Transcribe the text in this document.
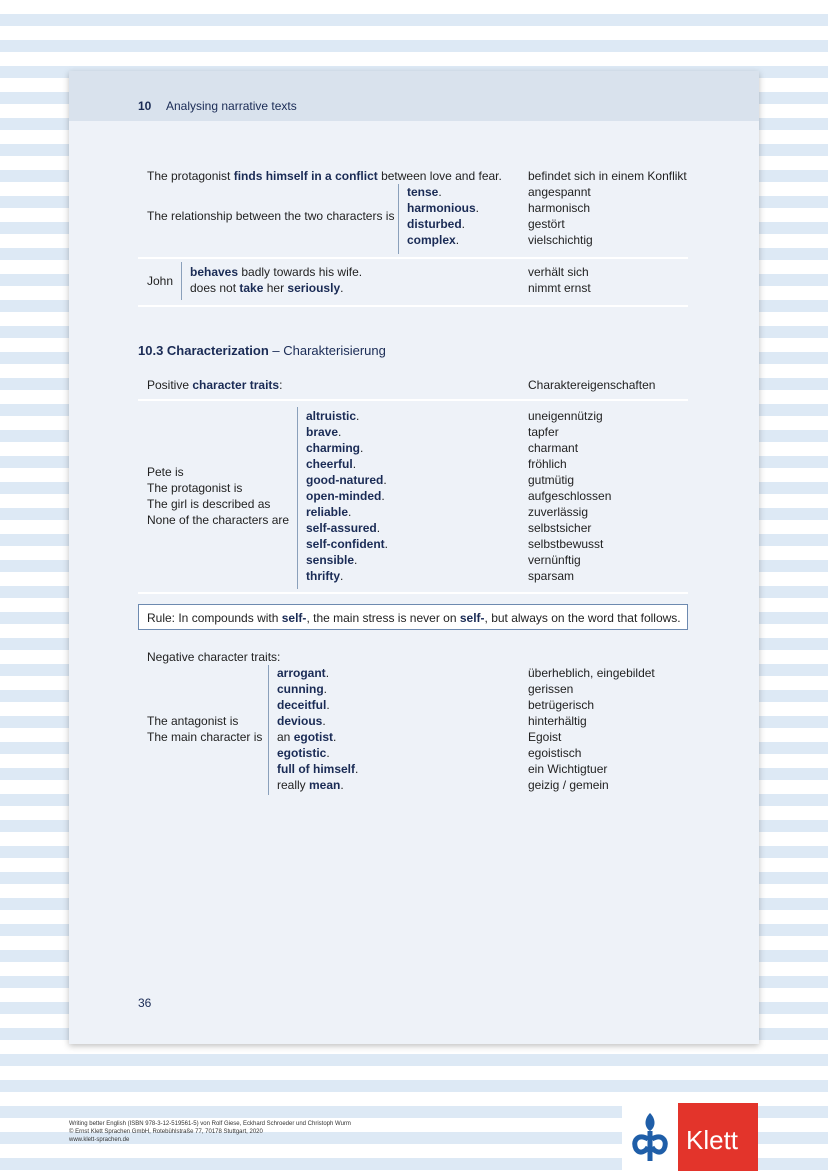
10 Analysing narrative texts
The protagonist finds himself in a conflict between love and fear. befindet sich in einem Konflikt
The relationship between the two characters is
tense.
harmonious.
disturbed.
complex.
angespannt
harmonisch
gestört
vielschichtig
John
behaves badly towards his wife.
does not take her seriously.
verhält sich
nimmt ernst
10.3 Characterization – Charakterisierung
Positive character traits:	Charaktereigenschaften
Pete is
The protagonist is
The girl is described as
None of the characters are
altruistic.
brave.
charming.
cheerful.
good-natured.
open-minded.
reliable.
self-assured.
self-confident.
sensible.
thrifty.
uneigennützig
tapfer
charmant
fröhlich
gutmütig
aufgeschlossen
zuverlässig
selbstsicher
selbstbewusst
vernünftig
sparsam
Rule: In compounds with self-, the main stress is never on self-, but always on the word that follows.
Negative character traits:
The antagonist is
The main character is
arrogant.
cunning.
deceitful.
devious.
an egotist.
egotistic.
full of himself.
really mean.
überheblich, eingebildet
gerissen
betrügerisch
hinterhältig
Egoist
egoistisch
ein Wichtigtuer
geizig / gemein
36
Writing better English (ISBN 978-3-12-519561-5) von Rolf Giese, Eckhard Schroeder und Christoph Wurm
© Ernst Klett Sprachen GmbH, Rotebühlstraße 77, 70178 Stuttgart, 2020
www.klett-sprachen.de	Klett
